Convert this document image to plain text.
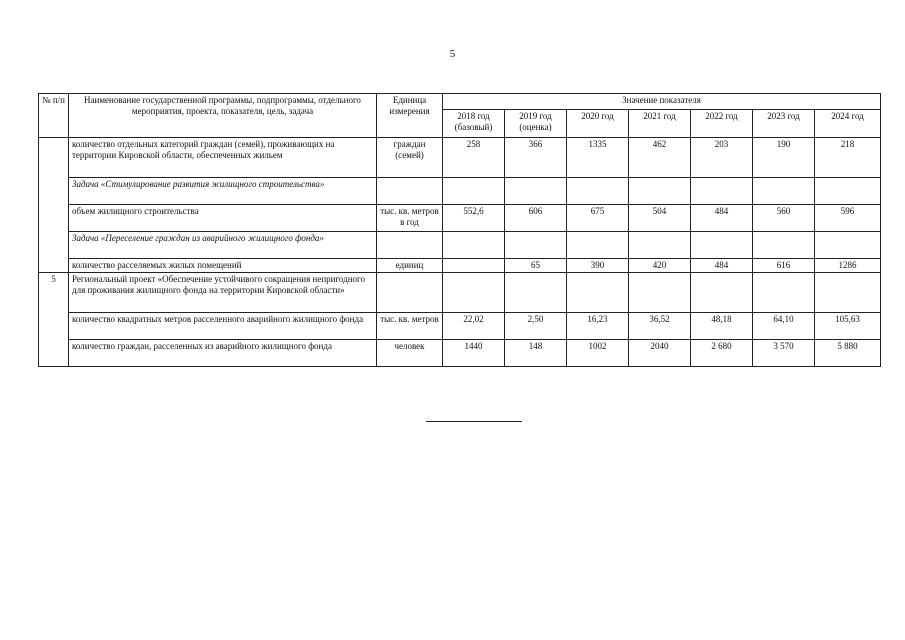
5
№ п/п	Наименование государственной программы, подпрограммы, отдельного мероприятия, проекта, показателя, цель, задача	Единица измерения	Значение показателя						
			2018 год (базовый)	2019 год (оценка)	2020 год	2021 год	2022 год	2023 год	2024 год
	количество отдельных категорий граждан (семей), проживающих на территории Кировской области, обеспеченных жильем	граждан (семей)	258	366	1335	462	203	190	218
	Задача «Стимулирование развития жилищного строительства»								
	объем жилищного строительства	тыс. кв. метров в год	552,6	606	675	504	484	560	596
	Задача «Переселение граждан из аварийного жилищного фонда»								
	количество расселяемых жилых помещений	единиц		65	390	420	484	616	1286
5	Региональный проект «Обеспечение устойчивого сокращения непригодного для проживания жилищного фонда на территории Кировской области»								
	количество квадратных метров расселенного аварийного жилищного фонда	тыс. кв. метров	22,02	2,50	16,23	36,52	48,18	64,10	105,63
	количество граждан, расселенных из аварийного жилищного фонда	человек	1440	148	1002	2040	2 680	3 570	5 880
